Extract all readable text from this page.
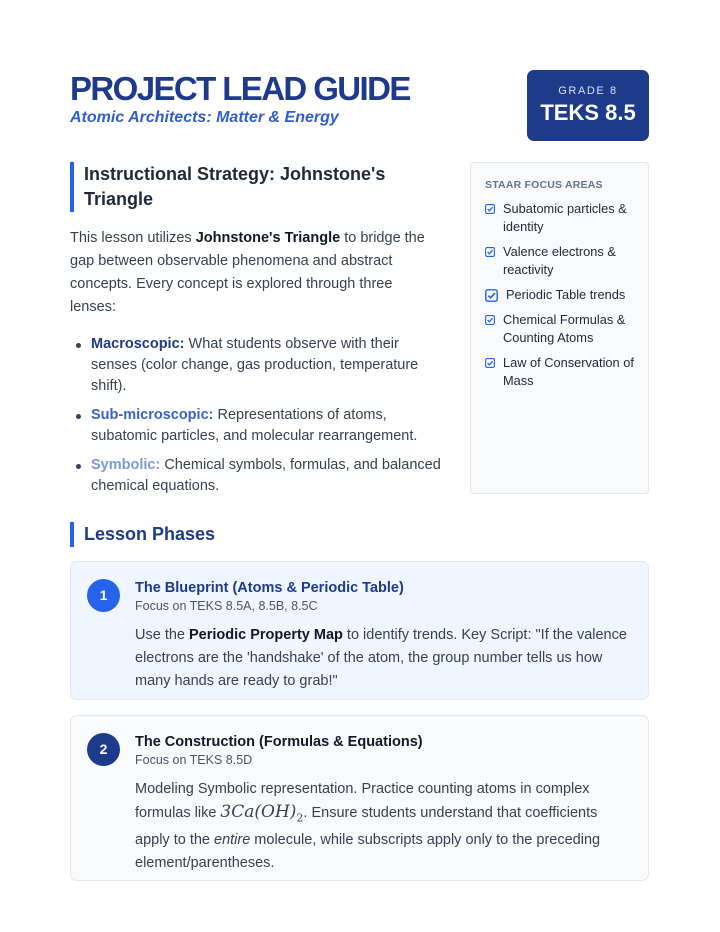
PROJECT LEAD GUIDE
Atomic Architects: Matter & Energy
GRADE 8
TEKS 8.5
Instructional Strategy: Johnstone's Triangle

This lesson utilizes Johnstone's Triangle to bridge the gap between observable phenomena and abstract concepts. Every concept is explored through three lenses:

Macroscopic: What students observe with their senses (color change, gas production, temperature shift).
Sub-microscopic: Representations of atoms, subatomic particles, and molecular rearrangement.
Symbolic: Chemical symbols, formulas, and balanced chemical equations.
STAAR FOCUS AREAS
Subatomic particles & identity
Valence electrons & reactivity
Periodic Table trends
Chemical Formulas & Counting Atoms
Law of Conservation of Mass
Lesson Phases
1	The Blueprint (Atoms & Periodic Table)
Focus on TEKS 8.5A, 8.5B, 8.5C

Use the Periodic Property Map to identify trends. Key Script: "If the valence electrons are the 'handshake' of the atom, the group number tells us how many hands are ready to grab!"

2	The Construction (Formulas & Equations)
Focus on TEKS 8.5D

Modeling Symbolic representation. Practice counting atoms in complex formulas like $3Ca(OH)_2$. Ensure students understand that coefficients apply to the entire molecule, while subscripts apply only to the preceding element/parentheses.
